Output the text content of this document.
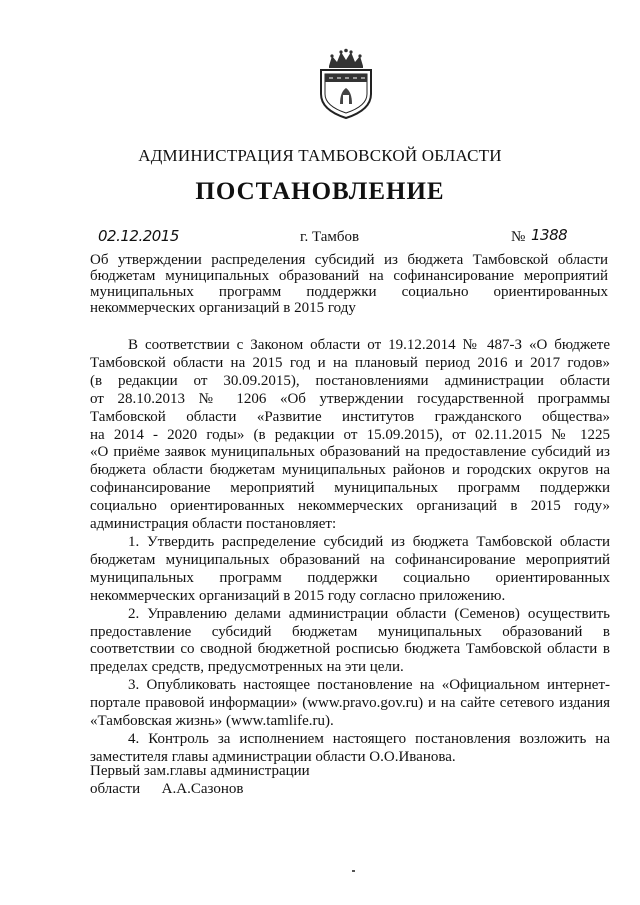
АДМИНИСТРАЦИЯ ТАМБОВСКОЙ ОБЛАСТИ
ПОСТАНОВЛЕНИЕ
02.12.2015	г. Тамбов	№ 1388

Об утверждении распределения субсидий из бюджета Тамбовской области

бюджетам муниципальных образований на софинансирование мероприятий

муниципальных программ поддержки социально ориентированных

некоммерческих организаций в 2015 году

В соответствии с Законом области от 19.12.2014 № 487-З «О бюджете

Тамбовской области на 2015 год и на плановый период 2016 и 2017 годов»

(в редакции от 30.09.2015), постановлениями администрации области

от 28.10.2013 № 1206 «Об утверждении государственной программы

Тамбовской области «Развитие институтов гражданского общества»

на 2014 - 2020 годы» (в редакции от 15.09.2015), от 02.11.2015 № 1225

«О приёме заявок муниципальных образований на предоставление субсидий из

бюджета области бюджетам муниципальных районов и городских округов на

софинансирование мероприятий муниципальных программ поддержки

социально ориентированных некоммерческих организаций в 2015 году»

администрация области постановляет:

1. Утвердить распределение субсидий из бюджета Тамбовской области

бюджетам муниципальных образований на софинансирование мероприятий

муниципальных программ поддержки социально ориентированных

некоммерческих организаций в 2015 году согласно приложению.

2. Управлению делами администрации области (Семенов) осуществить

предоставление субсидий бюджетам муниципальных образований в

соответствии со сводной бюджетной росписью бюджета Тамбовской области в

пределах средств, предусмотренных на эти цели.

3. Опубликовать настоящее постановление на «Официальном интернет-

портале правовой информации» (www.pravo.gov.ru) и на сайте сетевого издания

«Тамбовская жизнь» (www.tamlife.ru).

4. Контроль за исполнением настоящего постановления возложить на

заместителя главы администрации области О.О.Иванова.

Первый зам.главы администрации
области А.А.Сазонов
